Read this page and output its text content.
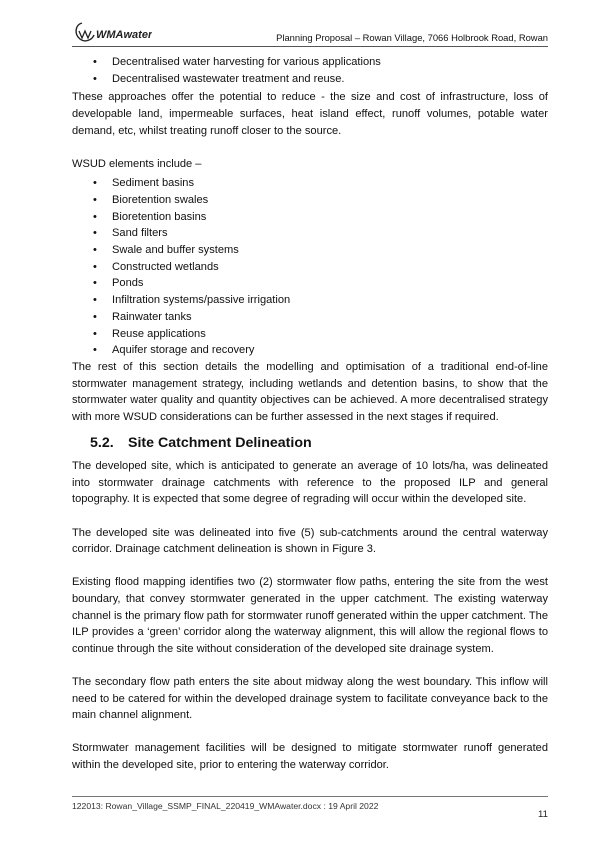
WMAwater	Planning Proposal – Rowan Village, 7066 Holbrook Road, Rowan
• Decentralised water harvesting for various applications
• Decentralised wastewater treatment and reuse.

These approaches offer the potential to reduce - the size and cost of infrastructure, loss of developable land, impermeable surfaces, heat island effect, runoff volumes, potable water demand, etc, whilst treating runoff closer to the source.

WSUD elements include –

• Sediment basins
• Bioretention swales
• Bioretention basins
• Sand filters
• Swale and buffer systems
• Constructed wetlands
• Ponds
• Infiltration systems/passive irrigation
• Rainwater tanks
• Reuse applications
• Aquifer storage and recovery

The rest of this section details the modelling and optimisation of a traditional end-of-line stormwater management strategy, including wetlands and detention basins, to show that the stormwater water quality and quantity objectives can be achieved. A more decentralised strategy with more WSUD considerations can be further assessed in the next stages if required.

5.2. Site Catchment Delineation

The developed site, which is anticipated to generate an average of 10 lots/ha, was delineated into stormwater drainage catchments with reference to the proposed ILP and general topography. It is expected that some degree of regrading will occur within the developed site.

The developed site was delineated into five (5) sub-catchments around the central waterway corridor. Drainage catchment delineation is shown in Figure 3.

Existing flood mapping identifies two (2) stormwater flow paths, entering the site from the west boundary, that convey stormwater generated in the upper catchment. The existing waterway channel is the primary flow path for stormwater runoff generated within the upper catchment. The ILP provides a ‘green’ corridor along the waterway alignment, this will allow the regional flows to continue through the site without consideration of the developed site drainage system.

The secondary flow path enters the site about midway along the west boundary. This inflow will need to be catered for within the developed drainage system to facilitate conveyance back to the main channel alignment.

Stormwater management facilities will be designed to mitigate stormwater runoff generated within the developed site, prior to entering the waterway corridor.

122013: Rowan_Village_SSMP_FINAL_220419_WMAwater.docx : 19 April 2022
11
